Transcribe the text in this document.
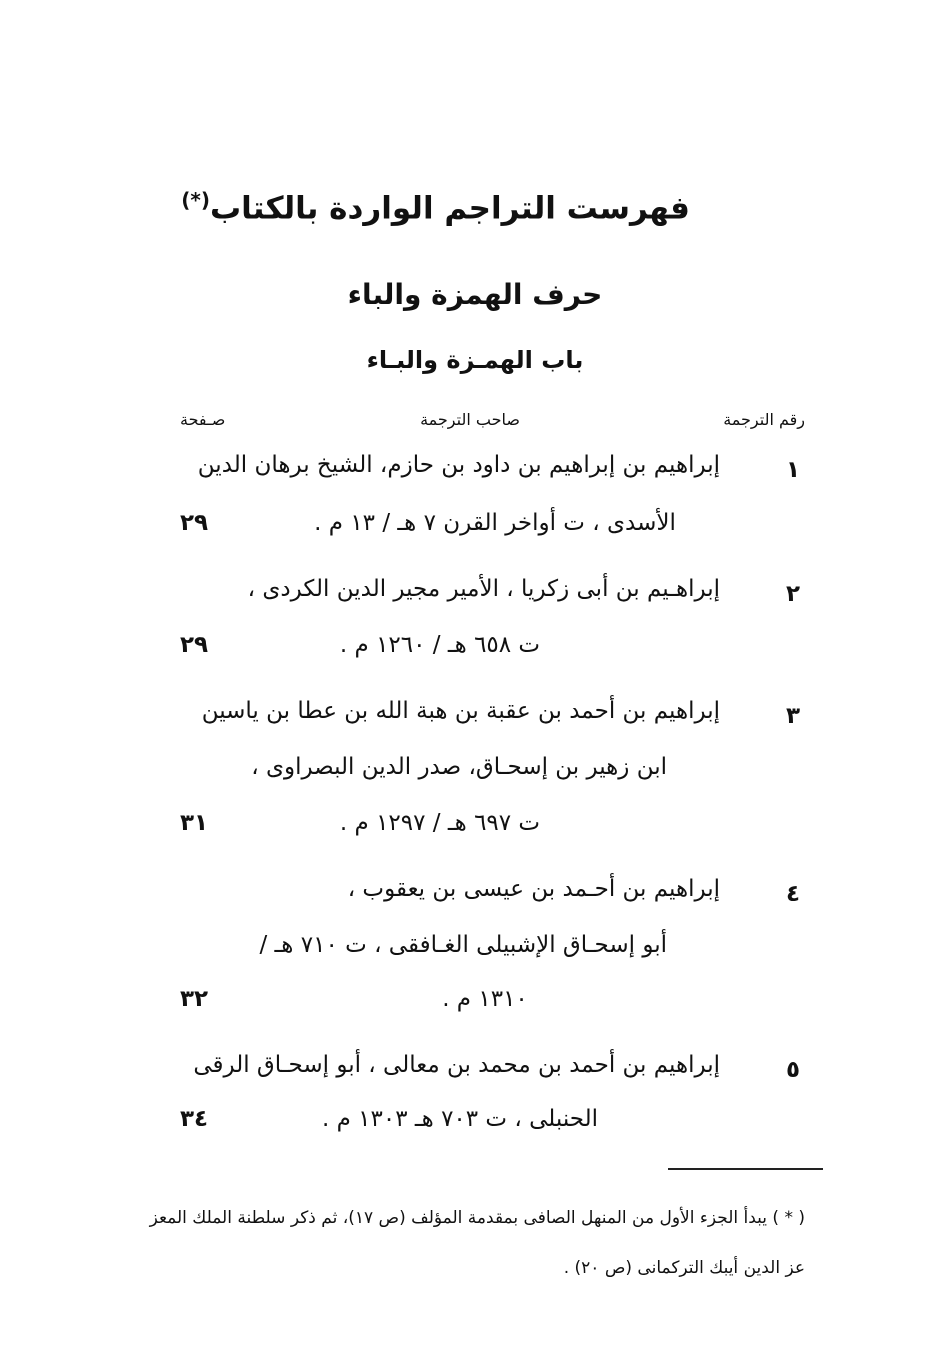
فهرست التراجم الواردة بالكتاب(*)
حرف الهمزة والباء
باب الهمـزة والبـاء
رقم الترجمة
صاحب الترجمة
صـفحة
١
إبراهيم بن إبراهيم بن داود بن حازم، الشيخ برهان الدين
الأسدى ، ت أواخر القرن ٧ هـ / ١٣ م .
٢٩
٢
إبراهـيم بن أبى زكريا ، الأمير مجير الدين الكردى ،
ت ٦٥٨ هـ / ١٢٦٠ م .
٢٩
٣
إبراهيم بن أحمد بن عقبة بن هبة الله بن عطا بن ياسين
ابن زهير بن إسحـاق، صدر الدين البصراوى ،
ت ٦٩٧ هـ / ١٢٩٧ م .
٣١
٤
إبراهيم بن أحـمد بن عيسى بن يعقوب ،
أبو إسحـاق الإشبيلى الغـافقى ، ت ٧١٠ هـ /
١٣١٠ م .
٣٢
٥
إبراهيم بن أحمد بن محمد بن معالى ، أبو إسحـاق الرقى
الحنبلى ، ت ٧٠٣ هـ ١٣٠٣ م .
٣٤
( * ) يبدأ الجزء الأول من المنهل الصافى بمقدمة المؤلف (ص ١٧)، ثم ذكر سلطنة الملك المعز
عز الدين أيبك التركمانى (ص ٢٠) .
